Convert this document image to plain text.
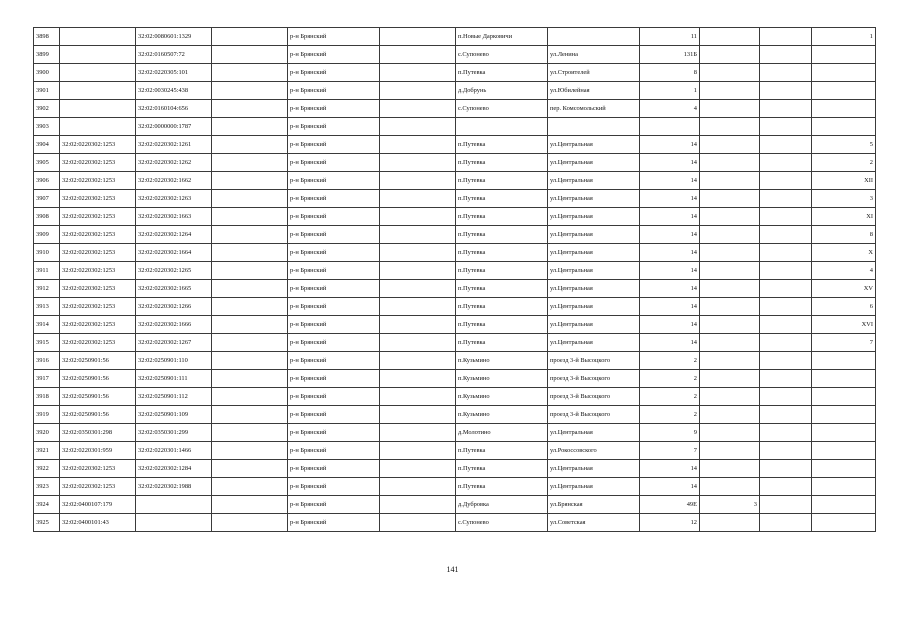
3898		32:02:0080601:1329		р-н Брянский		п.Новые Дарковичи		11			1
3899		32:02:0160507:72		р-н Брянский		с.Супонево	ул.Ленина	131Б			
3900		32:02:0220305:101		р-н Брянский		п.Путевка	ул.Строителей	8			
3901		32:02:0030245:438		р-н Брянский		д.Добрунь	ул.Юбилейная	1			
3902		32:02:0160104:656		р-н Брянский		с.Супонево	пер. Комсомольский	4			
3903		32:02:0000000:1787		р-н Брянский							
3904	32:02:0220302:1253	32:02:0220302:1261		р-н Брянский		п.Путевка	ул.Центральная	14			5
3905	32:02:0220302:1253	32:02:0220302:1262		р-н Брянский		п.Путевка	ул.Центральная	14			2
3906	32:02:0220302:1253	32:02:0220302:1662		р-н Брянский		п.Путевка	ул.Центральная	14			XII
3907	32:02:0220302:1253	32:02:0220302:1263		р-н Брянский		п.Путевка	ул.Центральная	14			3
3908	32:02:0220302:1253	32:02:0220302:1663		р-н Брянский		п.Путевка	ул.Центральная	14			XI
3909	32:02:0220302:1253	32:02:0220302:1264		р-н Брянский		п.Путевка	ул.Центральная	14			8
3910	32:02:0220302:1253	32:02:0220302:1664		р-н Брянский		п.Путевка	ул.Центральная	14			X
3911	32:02:0220302:1253	32:02:0220302:1265		р-н Брянский		п.Путевка	ул.Центральная	14			4
3912	32:02:0220302:1253	32:02:0220302:1665		р-н Брянский		п.Путевка	ул.Центральная	14			XV
3913	32:02:0220302:1253	32:02:0220302:1266		р-н Брянский		п.Путевка	ул.Центральная	14			6
3914	32:02:0220302:1253	32:02:0220302:1666		р-н Брянский		п.Путевка	ул.Центральная	14			XVI
3915	32:02:0220302:1253	32:02:0220302:1267		р-н Брянский		п.Путевка	ул.Центральная	14			7
3916	32:02:0250901:56	32:02:0250901:110		р-н Брянский		п.Кузьмино	проезд 3-й Высоцкого	2			
3917	32:02:0250901:56	32:02:0250901:111		р-н Брянский		п.Кузьмино	проезд 3-й Высоцкого	2			
3918	32:02:0250901:56	32:02:0250901:112		р-н Брянский		п.Кузьмино	проезд 3-й Высоцкого	2			
3919	32:02:0250901:56	32:02:0250901:109		р-н Брянский		п.Кузьмино	проезд 3-й Высоцкого	2			
3920	32:02:0350301:298	32:02:0350301:299		р-н Брянский		д.Молотино	ул.Центральная	9			
3921	32:02:0220301:959	32:02:0220301:1466		р-н Брянский		п.Путевка	ул.Рокоссовского	7			
3922	32:02:0220302:1253	32:02:0220302:1284		р-н Брянский		п.Путевка	ул.Центральная	14			
3923	32:02:0220302:1253	32:02:0220302:1988		р-н Брянский		п.Путевка	ул.Центральная	14			
3924	32:02:0400107:179			р-н Брянский		д.Дубровка	ул.Брянская	49Е	3		
3925	32:02:0400101:43			р-н Брянский		с.Супонево	ул.Советская	12			
141
